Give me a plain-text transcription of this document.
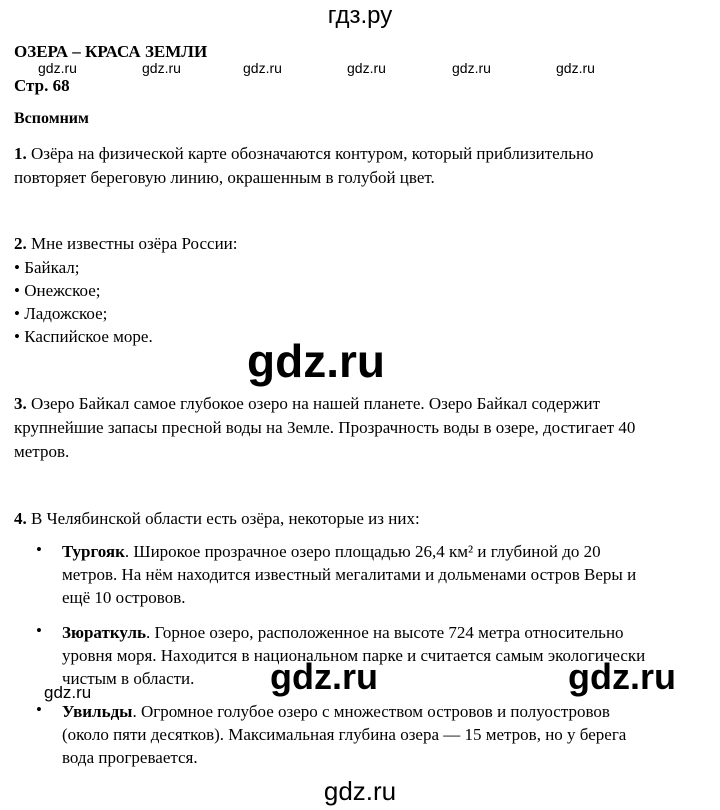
гдз.ру
gdz.ru	gdz.ru	gdz.ru	gdz.ru	gdz.ru	gdz.ru
ОЗЕРА – КРАСА ЗЕМЛИ
Стр. 68
Вспомним
1. Озёра на физической карте обозначаются контуром, который приблизительно
повторяет береговую линию, окрашенным в голубой цвет.
2. Мне известны озёра России:
• Байкал;
• Онежское;
• Ладожское;
• Каспийское море. gdz.ru
3. Озеро Байкал самое глубокое озеро на нашей планете. Озеро Байкал содержит
крупнейшие запасы пресной воды на Земле. Прозрачность воды в озере, достигает 40
метров.
4. В Челябинской области есть озёра, некоторые из них:
• Тургояк. Широкое прозрачное озеро площадью 26,4 км² и глубиной до 20
метров. На нём находится известный мегалитами и дольменами остров Веры и
ещё 10 островов.
• Зюраткуль. Горное озеро, расположенное на высоте 724 метра относительно
уровня моря. Находится в национальном парке и считается самым экологически
чистым в области. gdz.ru	gdz.ru
gdz.ru
• Увильды. Огромное голубое озеро с множеством островов и полуостровов
(около пяти десятков). Максимальная глубина озера — 15 метров, но у берега
вода прогревается.
gdz.ru
